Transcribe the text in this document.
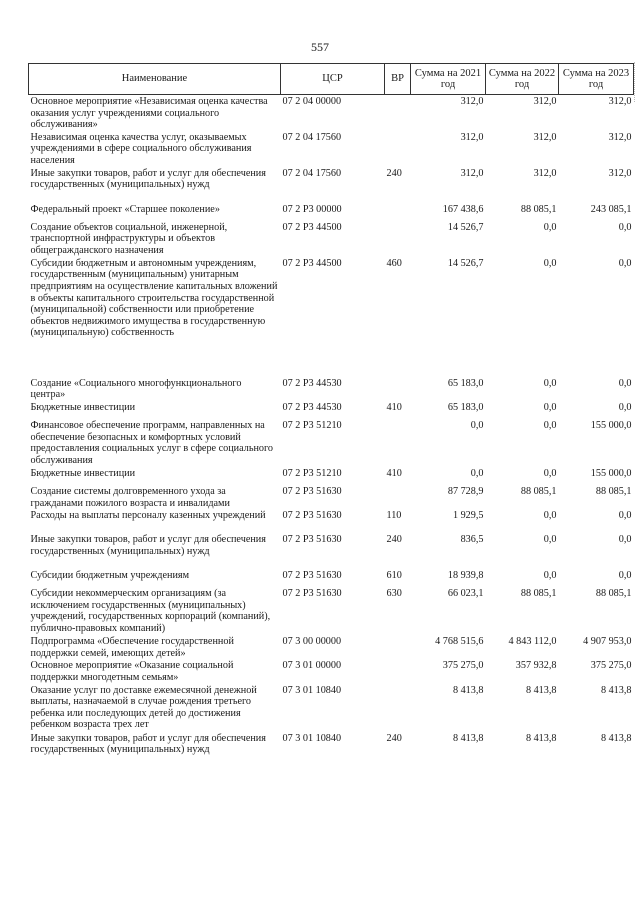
557
Наименование	ЦСР	ВР	Сумма на 2021 год	Сумма на 2022 год	Сумма на 2023 год
Основное мероприятие «Независимая оценка качества оказания услуг учреждениями социального обслуживания»	07 2 04 00000		312,0	312,0	312,0
Независимая оценка качества услуг, оказываемых учреждениями в сфере социального обслуживания населения	07 2 04 17560		312,0	312,0	312,0
Иные закупки товаров, работ и услуг для обеспечения государственных (муниципальных) нужд	07 2 04 17560	240	312,0	312,0	312,0
Федеральный проект «Старшее поколение»	07 2 P3 00000		167 438,6	88 085,1	243 085,1
Создание объектов социальной, инженерной, транспортной инфраструктуры и объектов общегражданского назначения	07 2 P3 44500		14 526,7	0,0	0,0
Субсидии бюджетным и автономным учреждениям, государственным (муниципальным) унитарным предприятиям на осуществление капитальных вложений в объекты капитального строительства государственной (муниципальной) собственности или приобретение объектов недвижимого имущества в государственную (муниципальную) собственность	07 2 P3 44500	460	14 526,7	0,0	0,0
Создание «Социального многофункционального центра»	07 2 P3 44530		65 183,0	0,0	0,0
Бюджетные инвестиции	07 2 P3 44530	410	65 183,0	0,0	0,0
Финансовое обеспечение программ, направленных на обеспечение безопасных и комфортных условий предоставления социальных услуг в сфере социального обслуживания	07 2 P3 51210		0,0	0,0	155 000,0
Бюджетные инвестиции	07 2 P3 51210	410	0,0	0,0	155 000,0
Создание системы долговременного ухода за гражданами пожилого возраста и инвалидами	07 2 P3 51630		87 728,9	88 085,1	88 085,1
Расходы на выплаты персоналу казенных учреждений	07 2 P3 51630	110	1 929,5	0,0	0,0
Иные закупки товаров, работ и услуг для обеспечения государственных (муниципальных) нужд	07 2 P3 51630	240	836,5	0,0	0,0
Субсидии бюджетным учреждениям	07 2 P3 51630	610	18 939,8	0,0	0,0
Субсидии некоммерческим организациям (за исключением государственных (муниципальных) учреждений, государственных корпораций (компаний), публично-правовых компаний)	07 2 P3 51630	630	66 023,1	88 085,1	88 085,1
Подпрограмма «Обеспечение государственной поддержки семей, имеющих детей»	07 3 00 00000		4 768 515,6	4 843 112,0	4 907 953,0
Основное мероприятие «Оказание социальной поддержки многодетным семьям»	07 3 01 00000		375 275,0	357 932,8	375 275,0
Оказание услуг по доставке ежемесячной денежной выплаты, назначаемой в случае рождения третьего ребенка или последующих детей до достижения ребенком возраста трех лет	07 3 01 10840		8 413,8	8 413,8	8 413,8
Иные закупки товаров, работ и услуг для обеспечения государственных (муниципальных) нужд	07 3 01 10840	240	8 413,8	8 413,8	8 413,8
